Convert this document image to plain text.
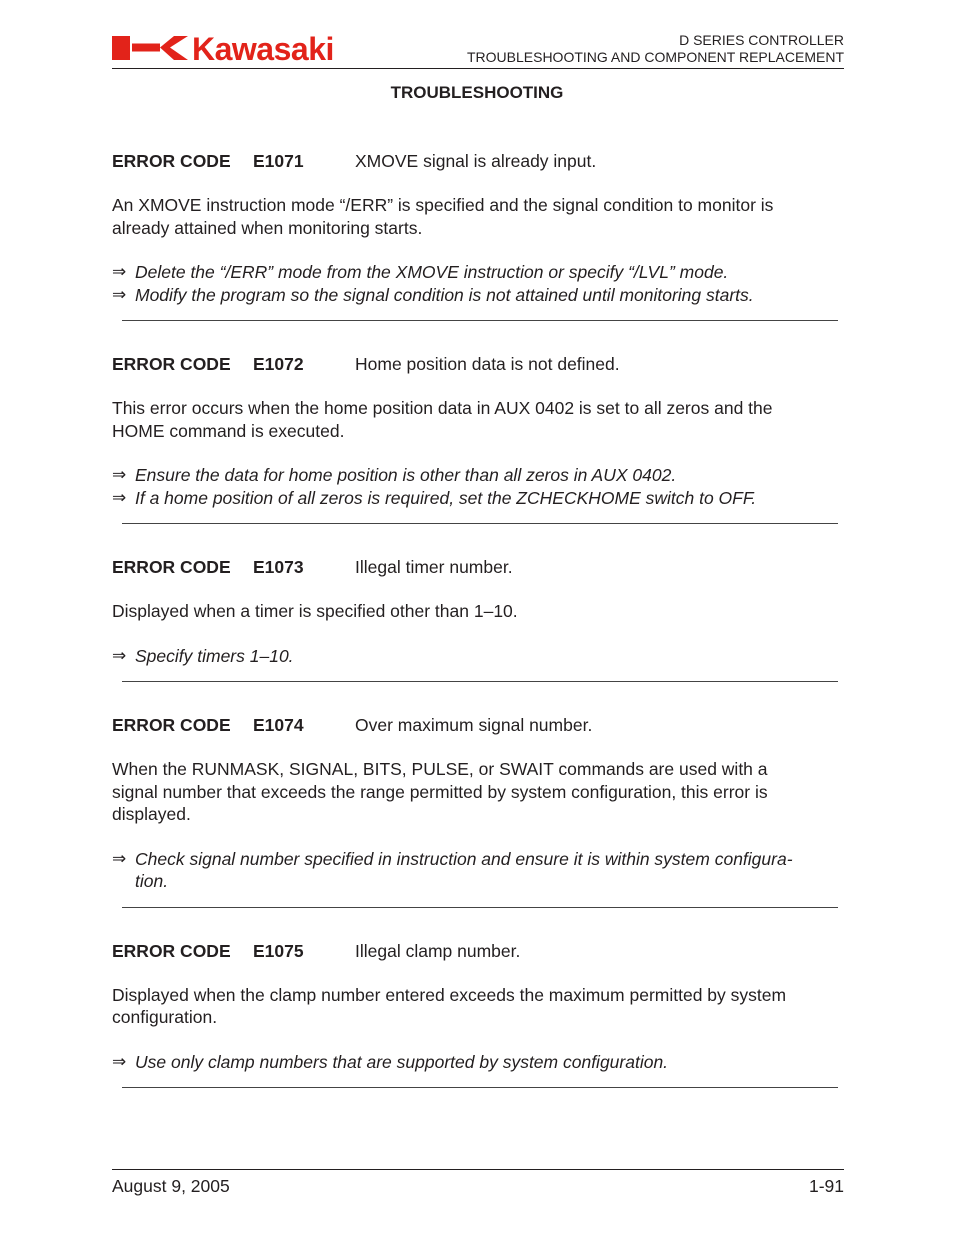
Kawasaki	D SERIES CONTROLLER
TROUBLESHOOTING AND COMPONENT REPLACEMENT
TROUBLESHOOTING
ERROR CODE E1071	XMOVE signal is already input.
An XMOVE instruction mode “/ERR” is specified and the signal condition to monitor is
already attained when monitoring starts.
⇒ Delete the “/ERR” mode from the XMOVE instruction or specify “/LVL” mode.
⇒ Modify the program so the signal condition is not attained until monitoring starts.
ERROR CODE E1072	Home position data is not defined.
This error occurs when the home position data in AUX 0402 is set to all zeros and the
HOME command is executed.
⇒ Ensure the data for home position is other than all zeros in AUX 0402.
⇒ If a home position of all zeros is required, set the ZCHECKHOME switch to OFF.
ERROR CODE E1073	Illegal timer number.
Displayed when a timer is specified other than 1–10.
⇒ Specify timers 1–10.
ERROR CODE E1074	Over maximum signal number.
When the RUNMASK, SIGNAL, BITS, PULSE, or SWAIT commands are used with a
signal number that exceeds the range permitted by system configuration, this error is
displayed.
⇒ Check signal number specified in instruction and ensure it is within system configura-
tion.
ERROR CODE E1075	Illegal clamp number.
Displayed when the clamp number entered exceeds the maximum permitted by system
configuration.
⇒ Use only clamp numbers that are supported by system configuration.
August 9, 2005	1-91
